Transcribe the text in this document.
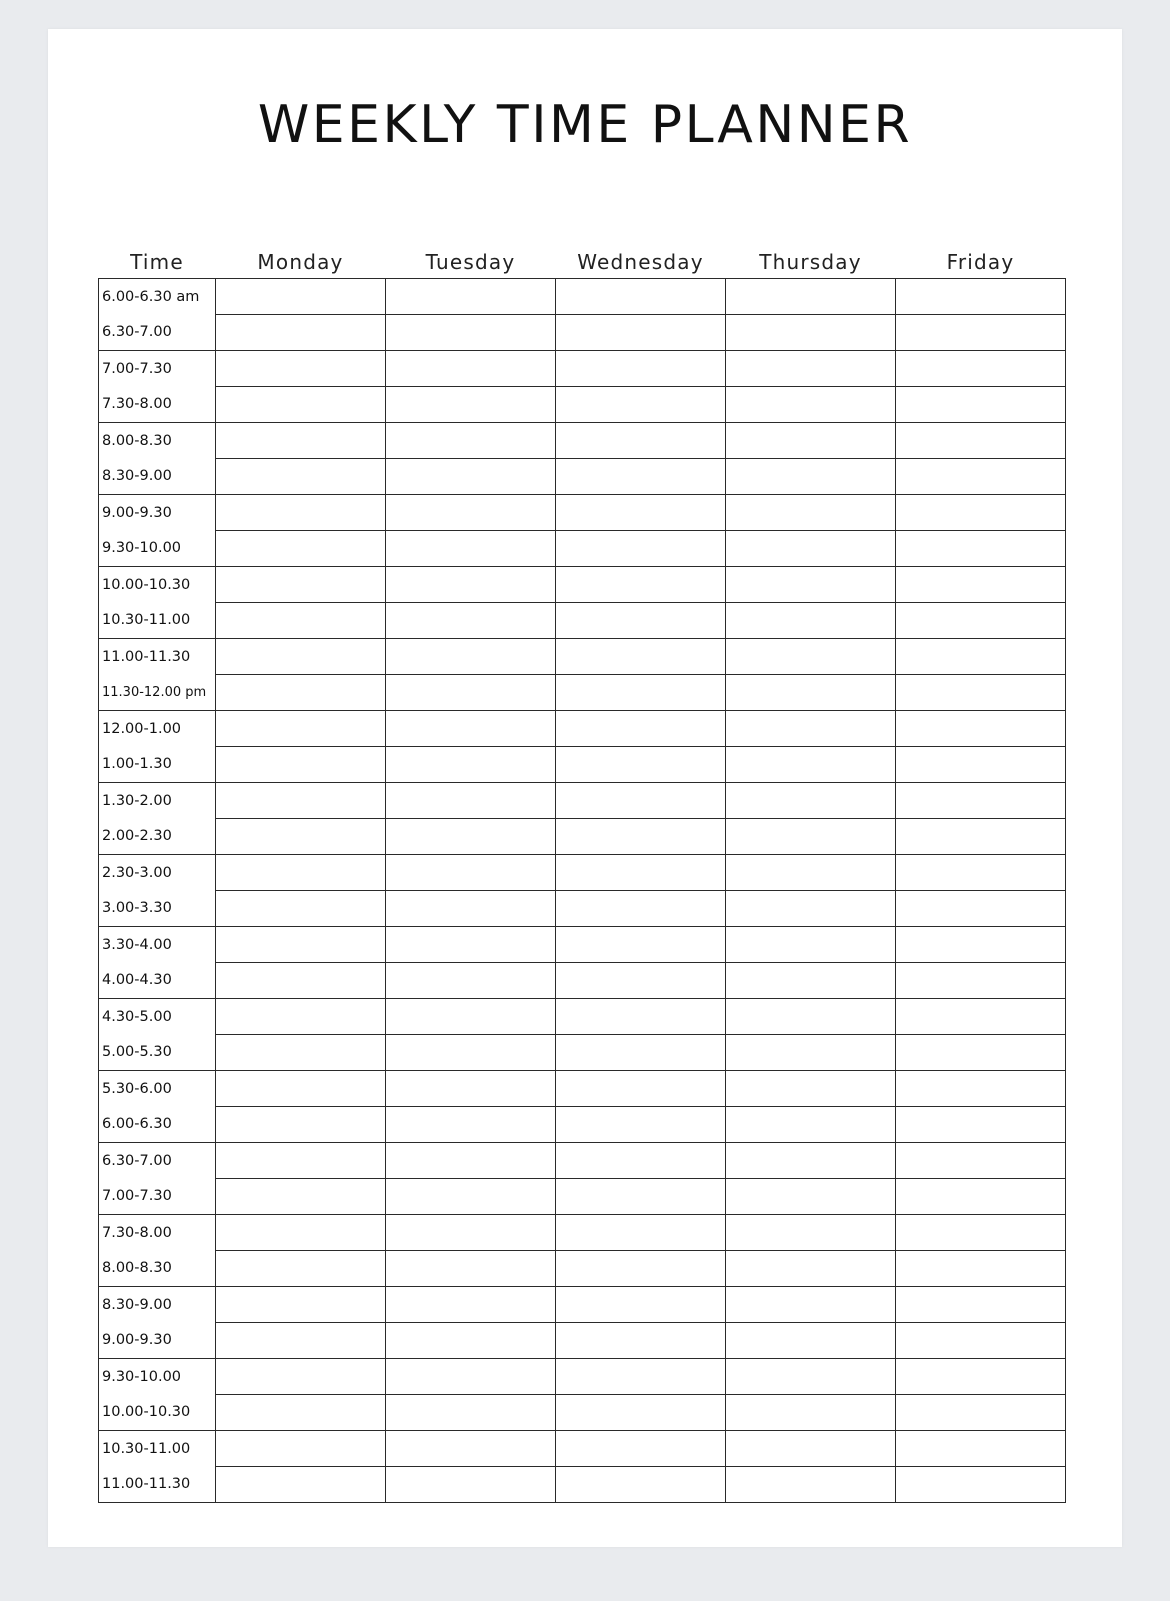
WEEKLY TIME PLANNER
Time	Monday	Tuesday	Wednesday	Thursday	Friday
6.00-6.30 am					
6.30-7.00					
7.00-7.30					
7.30-8.00					
8.00-8.30					
8.30-9.00					
9.00-9.30					
9.30-10.00					
10.00-10.30					
10.30-11.00					
11.00-11.30					
11.30-12.00 pm					
12.00-1.00					
1.00-1.30					
1.30-2.00					
2.00-2.30					
2.30-3.00					
3.00-3.30					
3.30-4.00					
4.00-4.30					
4.30-5.00					
5.00-5.30					
5.30-6.00					
6.00-6.30					
6.30-7.00					
7.00-7.30					
7.30-8.00					
8.00-8.30					
8.30-9.00					
9.00-9.30					
9.30-10.00					
10.00-10.30					
10.30-11.00					
11.00-11.30					
